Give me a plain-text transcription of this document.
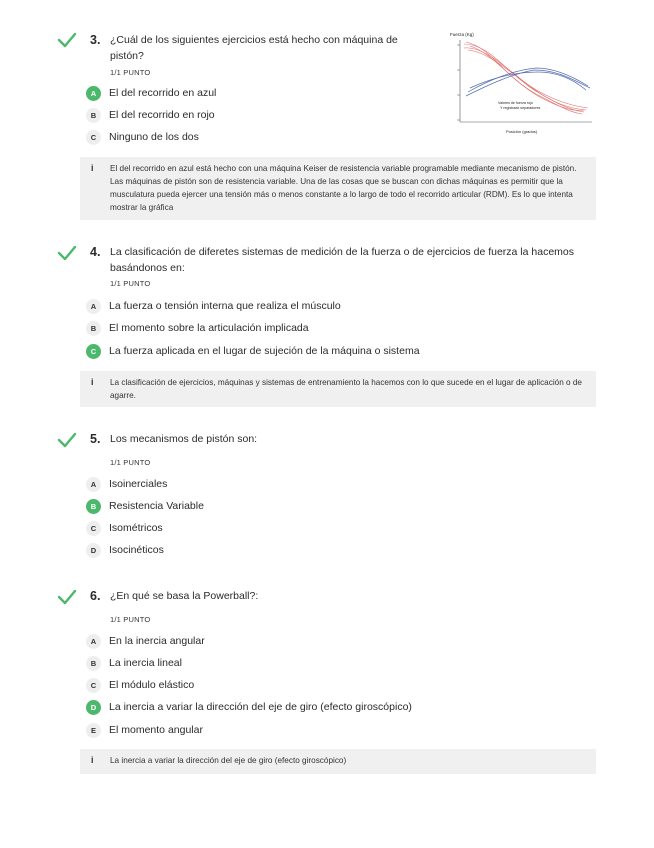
3. ¿Cuál de los siguientes ejercicios está hecho con máquina de pistón?
1/1 PUNTO
A	El del recorrido en azul
B	El del recorrido en rojo
C	Ninguno de los dos
Fuerza (Kg)
Valores de fuerza rojo
Y registrado separadores
Posición (grados)
i El del recorrido en azul está hecho con una máquina Keiser de resistencia variable programable mediante mecanismo de pistón. Las máquinas de pistón son de resistencia variable. Una de las cosas que se buscan con dichas máquinas es permitir que la musculatura pueda ejercer una tensión más o menos constante a lo largo de todo el recorrido articular (RDM). Es lo que intenta mostrar la gráfica
4. La clasificación de diferetes sistemas de medición de la fuerza o de ejercicios de fuerza la hacemos basándonos en:
1/1 PUNTO
A	La fuerza o tensión interna que realiza el músculo
B	El momento sobre la articulación implicada
C	La fuerza aplicada en el lugar de sujeción de la máquina o sistema
i La clasificación de ejercicios, máquinas y sistemas de entrenamiento la hacemos con lo que sucede en el lugar de aplicación o de agarre.
5. Los mecanismos de pistón son:
1/1 PUNTO
A	Isoinerciales
B	Resistencia Variable
C	Isométricos
D	Isocinéticos
6. ¿En qué se basa la Powerball?:
1/1 PUNTO
A	En la inercia angular
B	La inercia lineal
C	El módulo elástico
D	La inercia a variar la dirección del eje de giro (efecto giroscópico)
E	El momento angular
i La inercia a variar la dirección del eje de giro (efecto giroscópico)
